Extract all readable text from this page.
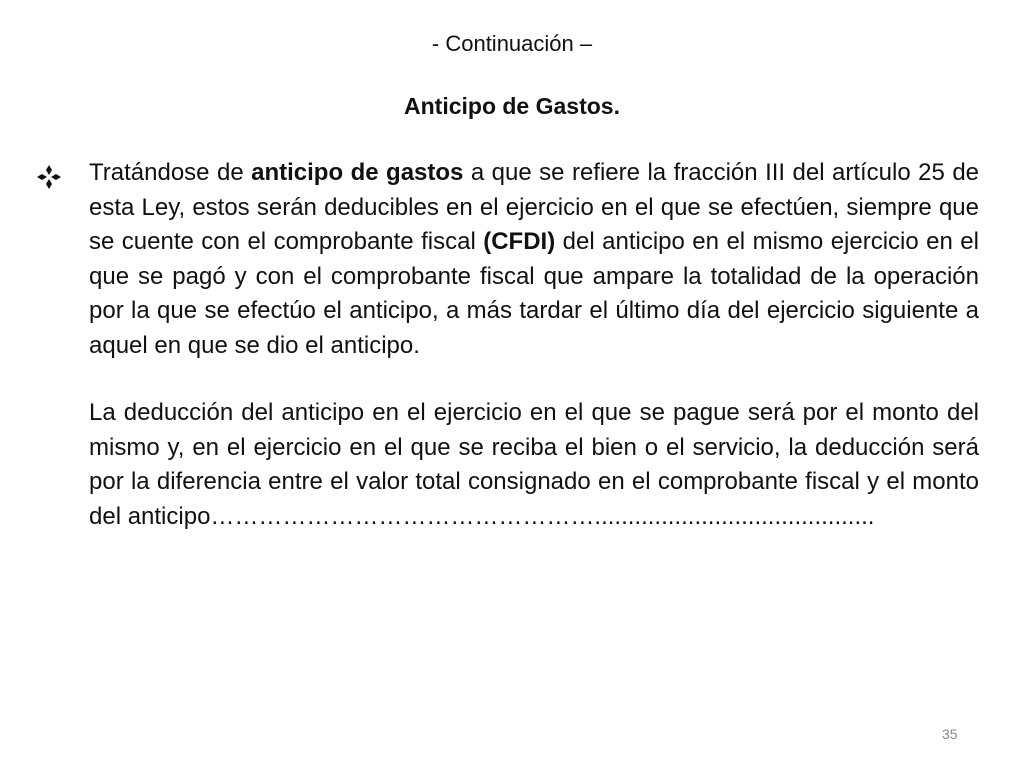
- Continuación –
Anticipo de Gastos.

Tratándose de anticipo de gastos a que se refiere la fracción III del artículo 25 de esta Ley, estos serán deducibles en el ejercicio en el que se efectúen, siempre que se cuente con el comprobante fiscal (CFDI) del anticipo en el mismo ejercicio en el que se pagó y con el comprobante fiscal que ampare la totalidad de la operación por la que se efectúo el anticipo, a más tardar el último día del ejercicio siguiente a aquel en que se dio el anticipo.

La deducción del anticipo en el ejercicio en el que se pague será por el monto del mismo y, en el ejercicio en el que se reciba el bien o el servicio, la deducción será por la diferencia entre el valor total consignado en el comprobante fiscal y el monto del anticipo…………………………………………..........................................

35
